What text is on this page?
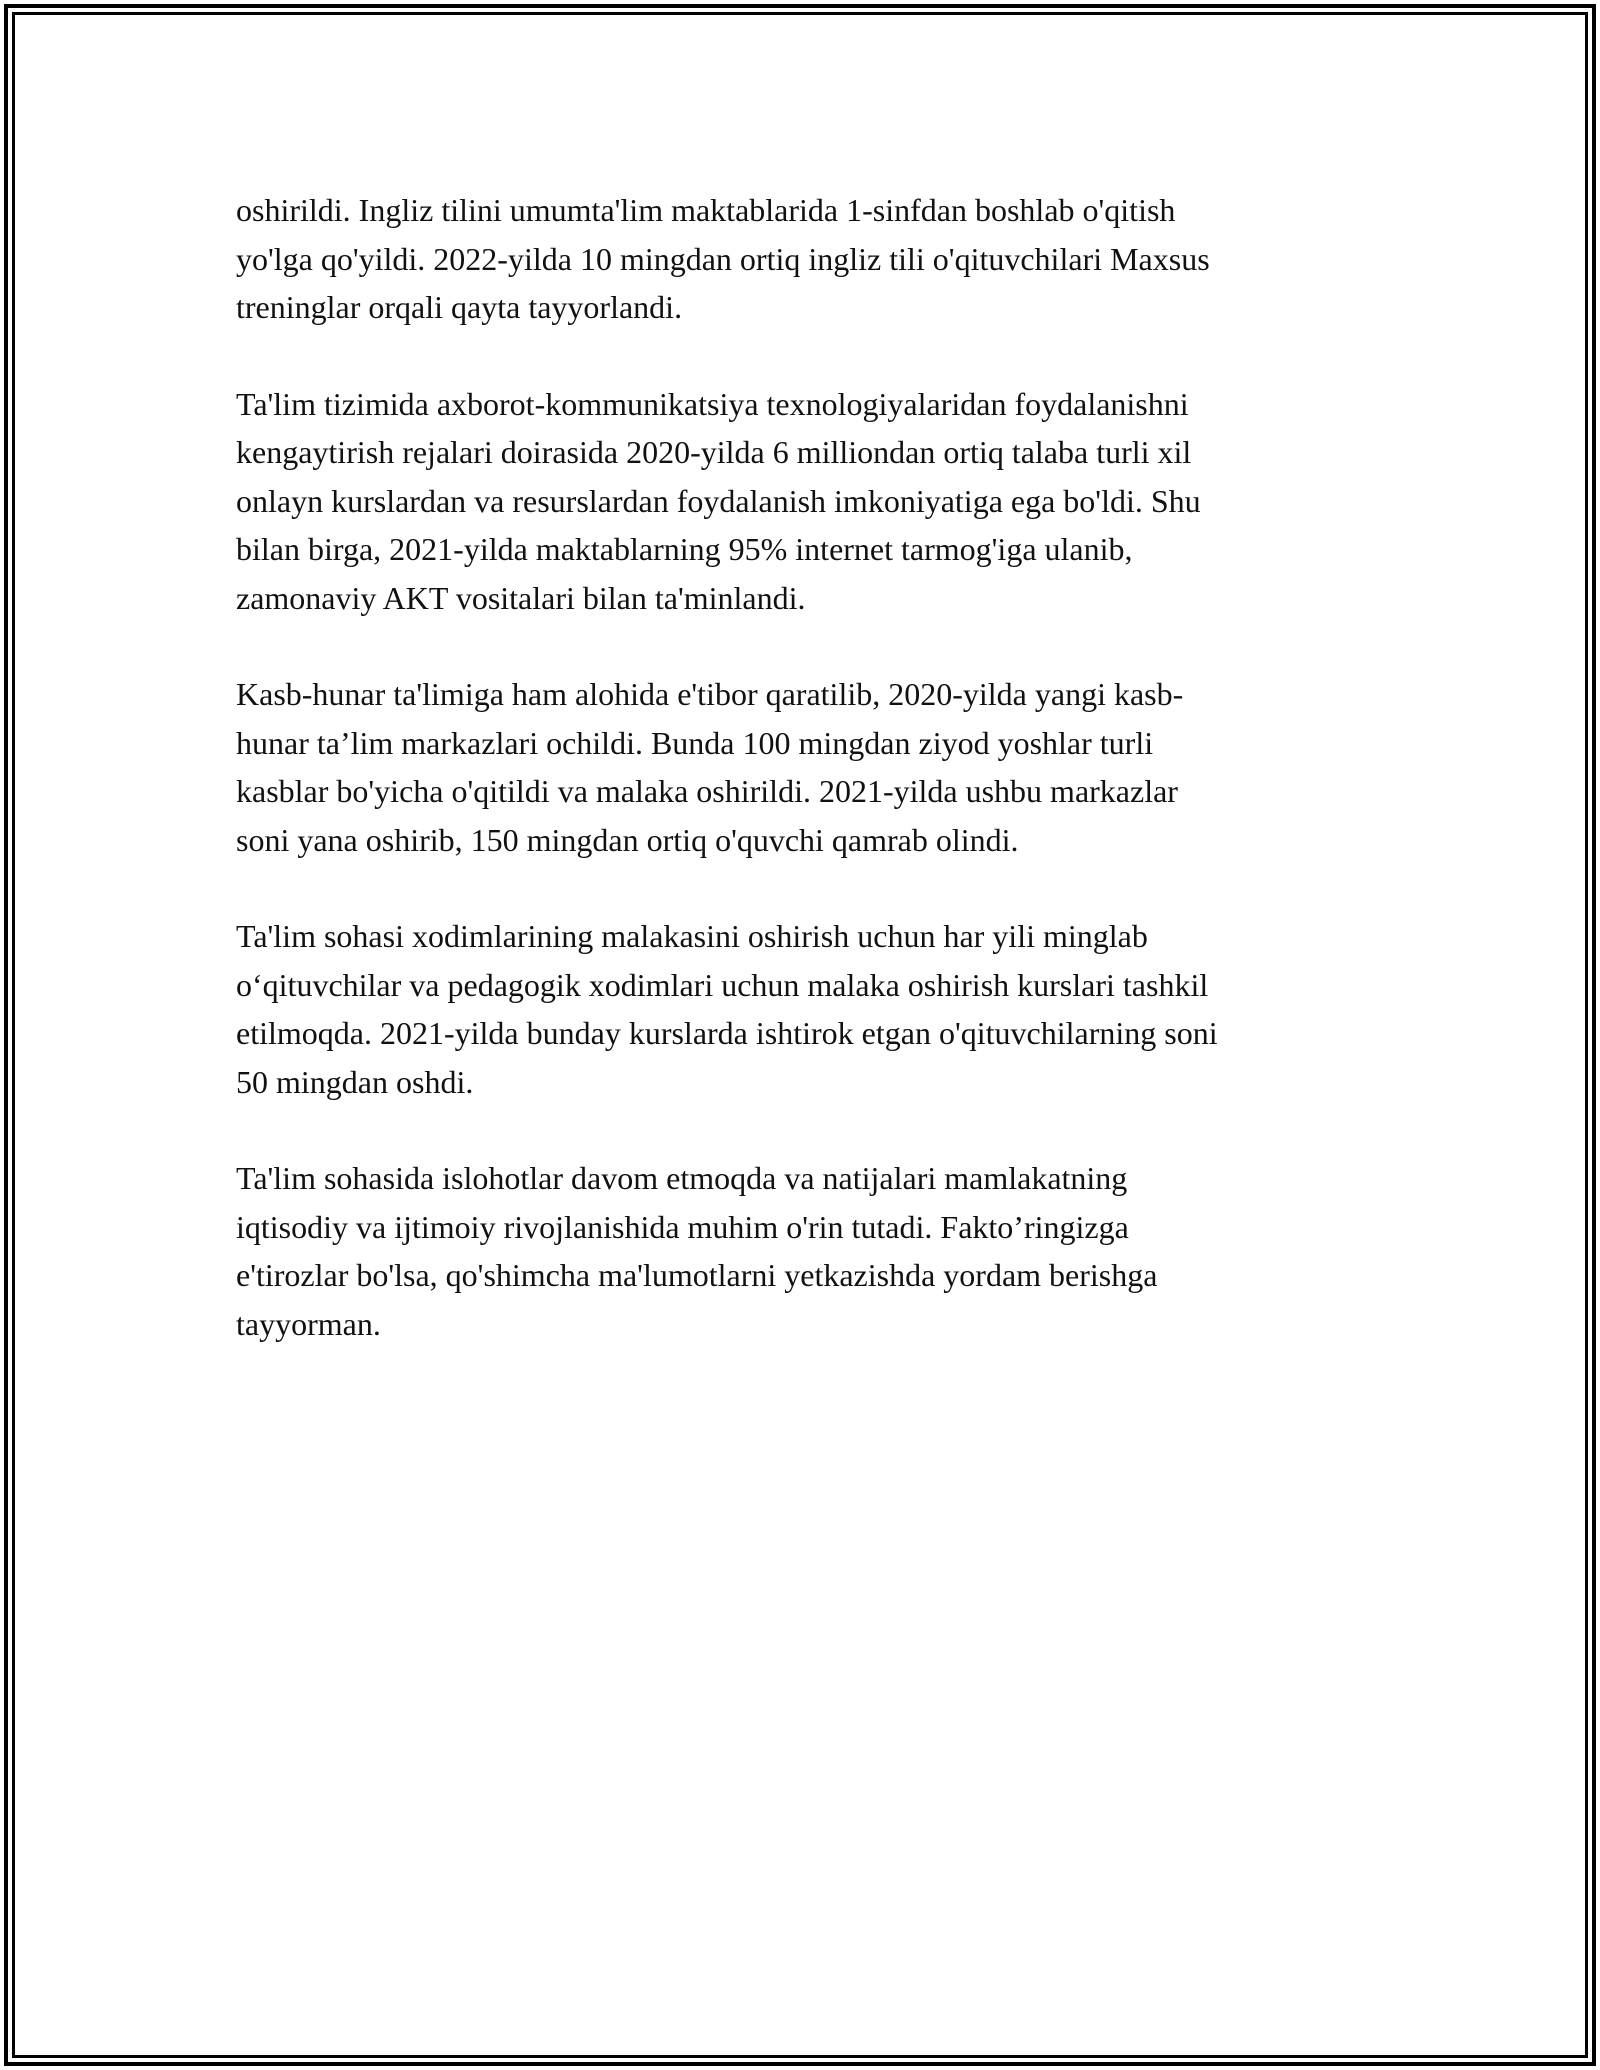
oshirildi. Ingliz tilini umumta'lim maktablarida 1-sinfdan boshlab o'qitish
yo'lga qo'yildi. 2022-yilda 10 mingdan ortiq ingliz tili o'qituvchilari Maxsus
treninglar orqali qayta tayyorlandi.

Ta'lim tizimida axborot-kommunikatsiya texnologiyalaridan foydalanishni
kengaytirish rejalari doirasida 2020-yilda 6 milliondan ortiq talaba turli xil
onlayn kurslardan va resurslardan foydalanish imkoniyatiga ega bo'ldi. Shu
bilan birga, 2021-yilda maktablarning 95% internet tarmog'iga ulanib,
zamonaviy AKT vositalari bilan ta'minlandi.

Kasb-hunar ta'limiga ham alohida e'tibor qaratilib, 2020-yilda yangi kasb-
hunar ta’lim markazlari ochildi. Bunda 100 mingdan ziyod yoshlar turli
kasblar bo'yicha o'qitildi va malaka oshirildi. 2021-yilda ushbu markazlar
soni yana oshirib, 150 mingdan ortiq o'quvchi qamrab olindi.

Ta'lim sohasi xodimlarining malakasini oshirish uchun har yili minglab
o‘qituvchilar va pedagogik xodimlari uchun malaka oshirish kurslari tashkil
etilmoqda. 2021-yilda bunday kurslarda ishtirok etgan o'qituvchilarning soni
50 mingdan oshdi.

Ta'lim sohasida islohotlar davom etmoqda va natijalari mamlakatning
iqtisodiy va ijtimoiy rivojlanishida muhim o'rin tutadi. Fakto’ringizga
e'tirozlar bo'lsa, qo'shimcha ma'lumotlarni yetkazishda yordam berishga
tayyorman.
